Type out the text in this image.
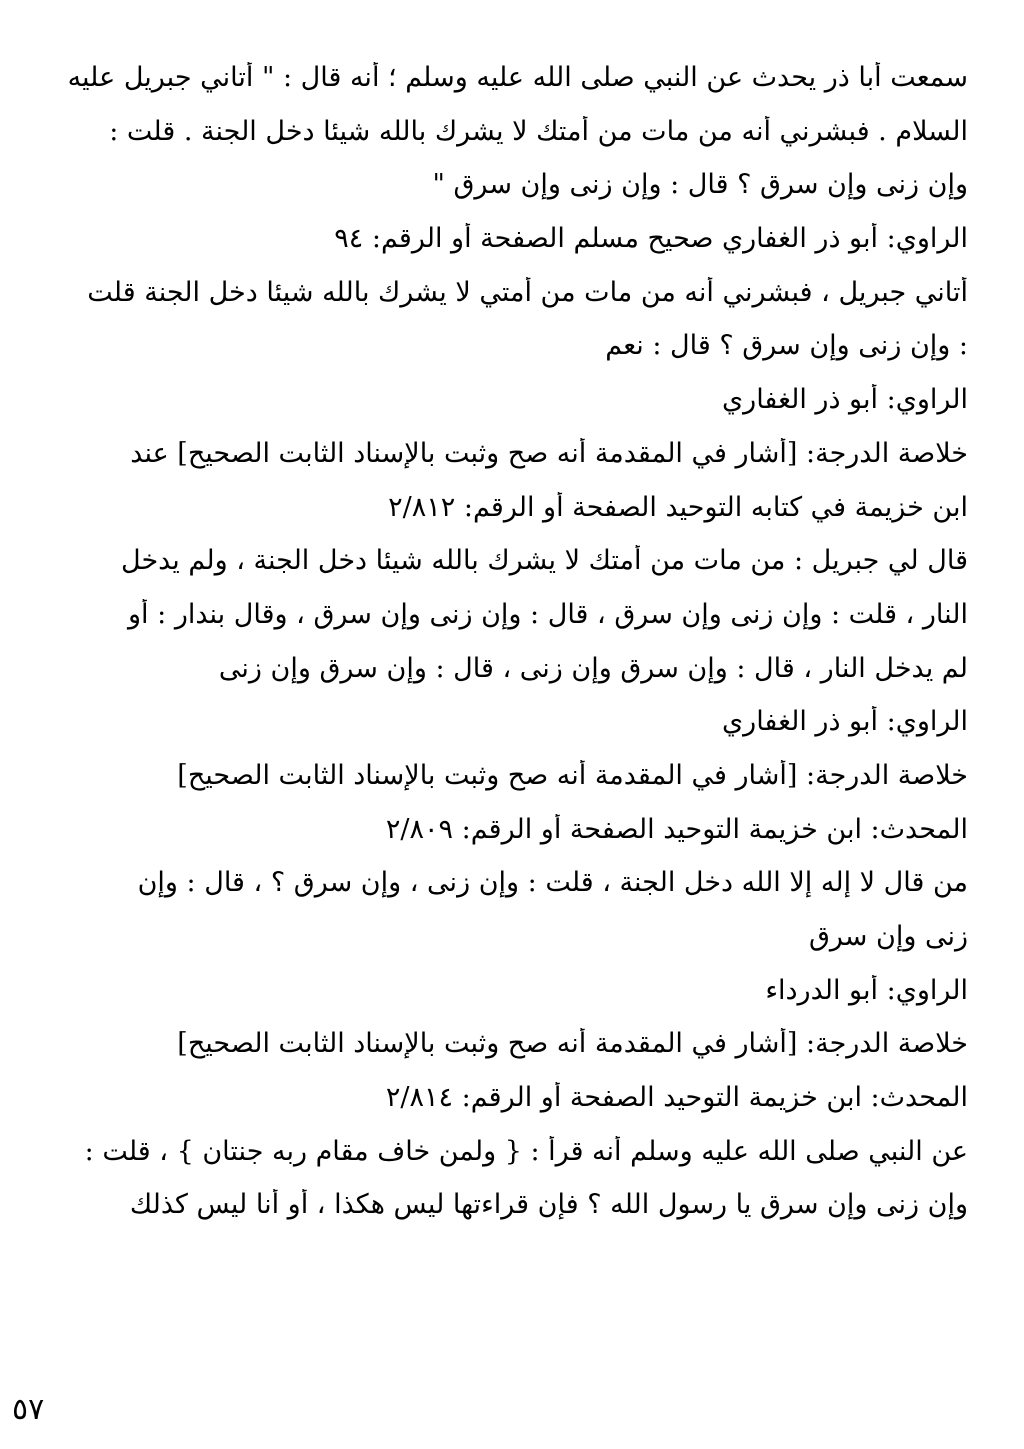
سمعت أبا ذر يحدث عن النبي صلى الله عليه وسلم ؛ أنه قال : " أتاني جبريل عليه
السلام . فبشرني أنه من مات من أمتك لا يشرك بالله شيئا دخل الجنة . قلت :
وإن زنى وإن سرق ؟ قال : وإن زنى وإن سرق "
الراوي: أبو ذر الغفاري صحيح مسلم الصفحة أو الرقم: ٩٤
أتاني جبريل ، فبشرني أنه من مات من أمتي لا يشرك بالله شيئا دخل الجنة قلت
: وإن زنى وإن سرق ؟ قال : نعم
الراوي: أبو ذر الغفاري
خلاصة الدرجة: [أشار في المقدمة أنه صح وثبت بالإسناد الثابت الصحيح] عند
ابن خزيمة في كتابه التوحيد الصفحة أو الرقم: ٢/٨١٢
قال لي جبريل : من مات من أمتك لا يشرك بالله شيئا دخل الجنة ، ولم يدخل
النار ، قلت : وإن زنى وإن سرق ، قال : وإن زنى وإن سرق ، وقال بندار : أو
لم يدخل النار ، قال : وإن سرق وإن زنى ، قال : وإن سرق وإن زنى
الراوي: أبو ذر الغفاري
خلاصة الدرجة: [أشار في المقدمة أنه صح وثبت بالإسناد الثابت الصحيح]
المحدث: ابن خزيمة التوحيد الصفحة أو الرقم: ٢/٨٠٩
من قال لا إله إلا الله دخل الجنة ، قلت : وإن زنى ، وإن سرق ؟ ، قال : وإن
زنى وإن سرق
الراوي: أبو الدرداء
خلاصة الدرجة: [أشار في المقدمة أنه صح وثبت بالإسناد الثابت الصحيح]
المحدث: ابن خزيمة التوحيد الصفحة أو الرقم: ٢/٨١٤
عن النبي صلى الله عليه وسلم أنه قرأ : { ولمن خاف مقام ربه جنتان } ، قلت :
وإن زنى وإن سرق يا رسول الله ؟ فإن قراءتها ليس هكذا ، أو أنا ليس كذلك
٥٧
